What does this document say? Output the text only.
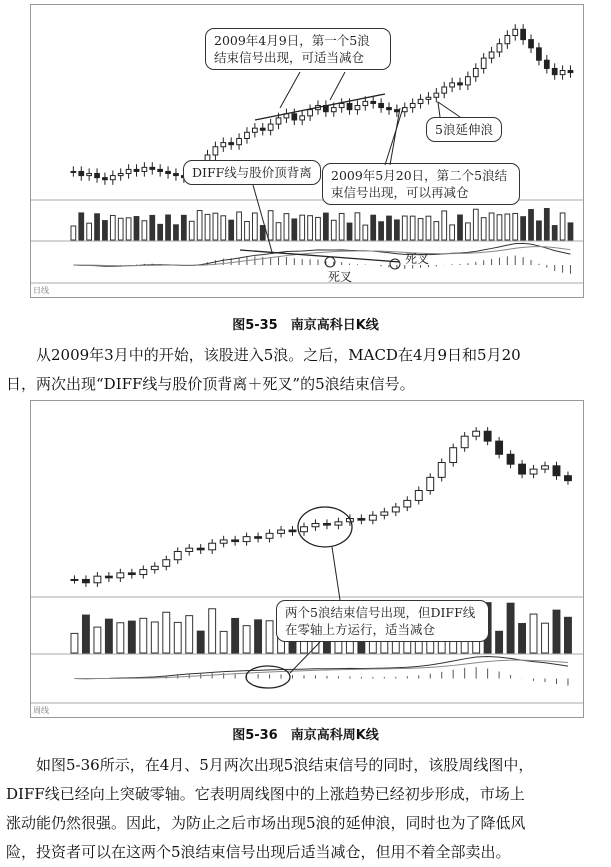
日线
2009年4月9日，第一个5浪结束信号出现，可适当减仓
DIFF线与股价顶背离	2009年5月20日，第二个5浪结束信号出现，可以再减仓
5浪延伸浪
死叉
死叉
图5-35　南京高科日K线

从2009年3月中的开始，该股进入5浪。之后，MACD在4月9日和5月20
日，两次出现“DIFF线与股价顶背离＋死叉”的5浪结束信号。

周线
两个5浪结束信号出现，但DIFF线在零轴上方运行，适当减仓
图5-36　南京高科周K线

如图5-36所示，在4月、5月两次出现5浪结束信号的同时，该股周线图中，
DIFF线已经向上突破零轴。它表明周线图中的上涨趋势已经初步形成，市场上
涨动能仍然很强。因此，为防止之后市场出现5浪的延伸浪，同时也为了降低风
险，投资者可以在这两个5浪结束信号出现后适当减仓，但用不着全部卖出。
